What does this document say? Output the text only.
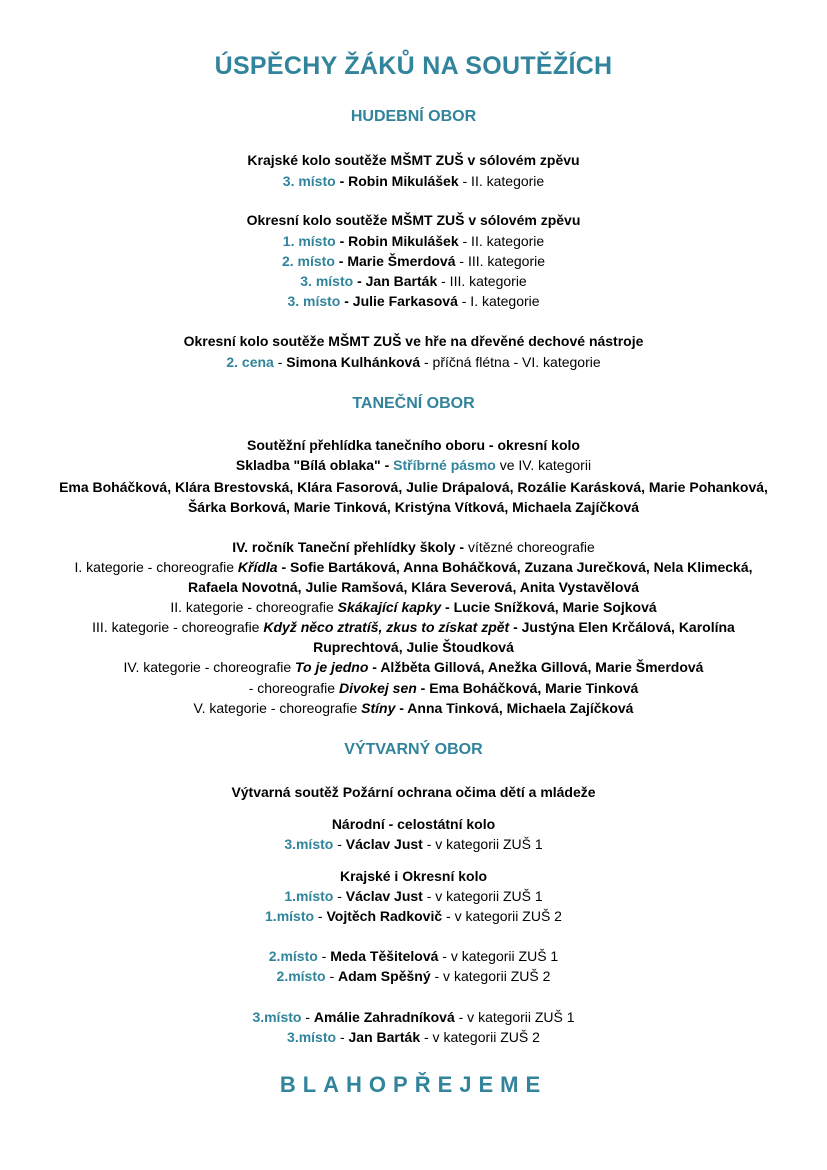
ÚSPĚCHY ŽÁKŮ NA SOUTĚŽÍCH
HUDEBNÍ OBOR
Krajské kolo soutěže MŠMT ZUŠ v sólovém zpěvu
3. místo - Robin Mikulášek - II. kategorie
Okresní kolo soutěže MŠMT ZUŠ v sólovém zpěvu
1. místo - Robin Mikulášek - II. kategorie
2. místo - Marie Šmerdová - III. kategorie
3. místo - Jan Barták - III. kategorie
3. místo - Julie Farkasová - I. kategorie
Okresní kolo soutěže MŠMT ZUŠ ve hře na dřevěné dechové nástroje
2. cena - Simona Kulhánková - příčná flétna - VI. kategorie
TANEČNÍ OBOR
Soutěžní přehlídka tanečního oboru - okresní kolo
Skladba "Bílá oblaka" - Stříbrné pásmo ve IV. kategorii
Ema Boháčková, Klára Brestovská, Klára Fasorová, Julie Drápalová, Rozálie Karásková, Marie Pohanková,
Šárka Borková, Marie Tinková, Kristýna Vítková, Michaela Zajíčková
IV. ročník Taneční přehlídky školy - vítězné choreografie
I. kategorie - choreografie Křídla - Sofie Bartáková, Anna Boháčková, Zuzana Jurečková, Nela Klimecká,
Rafaela Novotná, Julie Ramšová, Klára Severová, Anita Vystavělová
II. kategorie - choreografie Skákající kapky - Lucie Snížková, Marie Sojková
III. kategorie - choreografie Když něco ztratíš, zkus to získat zpět - Justýna Elen Krčálová, Karolína
Ruprechtová, Julie Štoudková
IV. kategorie - choreografie To je jedno - Alžběta Gillová, Anežka Gillová, Marie Šmerdová
- choreografie Divokej sen - Ema Boháčková, Marie Tinková
V. kategorie - choreografie Stíny - Anna Tinková, Michaela Zajíčková
VÝTVARNÝ OBOR
Výtvarná soutěž Požární ochrana očima dětí a mládeže
Národní - celostátní kolo
3.místo - Václav Just - v kategorii ZUŠ 1
Krajské i Okresní kolo
1.místo - Václav Just - v kategorii ZUŠ 1
1.místo - Vojtěch Radkovič - v kategorii ZUŠ 2
2.místo - Meda Těšitelová - v kategorii ZUŠ 1
2.místo - Adam Spěšný - v kategorii ZUŠ 2
3.místo - Amálie Zahradníková - v kategorii ZUŠ 1
3.místo - Jan Barták - v kategorii ZUŠ 2
BLAHOPŘEJEME
